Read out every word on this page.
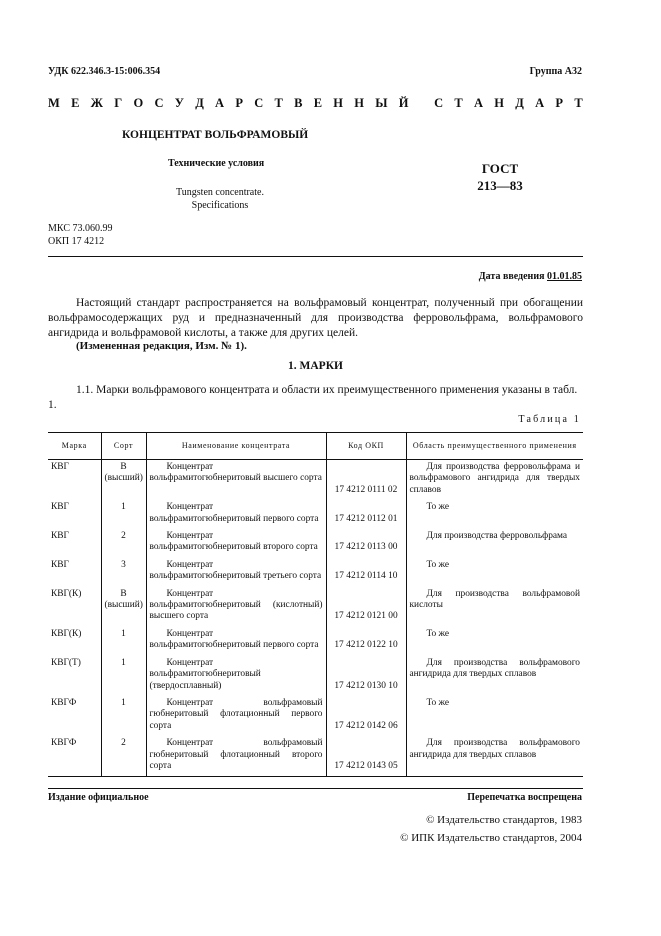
УДК 622.346.3-15:006.354	Группа А32
М Е Ж Г О С У Д А Р С Т В Е Н Н Ы Й
С Т А Н Д А Р Т
КОНЦЕНТРАТ ВОЛЬФРАМОВЫЙ
Технические условия	ГОСТ
213—83
Tungsten concentrate.
Specifications
МКС 73.060.99
ОКП 17 4212
Дата введения 01.01.85
Настоящий стандарт распространяется на вольфрамовый концентрат, полученный при обогащении вольфрамосодержащих руд и предназначенный для производства ферровольфрама, вольфрамового ангидрида и вольфрамовой кислоты, а также для других целей.
(Измененная редакция, Изм. № 1).
1. МАРКИ
1.1. Марки вольфрамового концентрата и области их преимущественного применения указаны в табл. 1.
Таблица 1
Марка	Сорт	Наименование концентрата	Код ОКП	Область преимущественного применения
КВГ	В (высший)	Концентрат вольфрамитогюбнеритовый высшего сорта	17 4212 0111 02	Для производства ферровольфрама и вольфрамового ангидрида для твердых сплавов
КВГ	1	Концентрат вольфрамитогюбнеритовый первого сорта	17 4212 0112 01	То же
КВГ	2	Концентрат вольфрамитогюбнеритовый второго сорта	17 4212 0113 00	Для производства ферровольфрама
КВГ	3	Концентрат вольфрамитогюбнеритовый третьего сорта	17 4212 0114 10	То же
КВГ(К)	В (высший)	Концентрат вольфрамитогюбнеритовый (кислотный) высшего сорта	17 4212 0121 00	Для производства вольфрамовой кислоты
КВГ(К)	1	Концентрат вольфрамитогюбнеритовый первого сорта	17 4212 0122 10	То же
КВГ(Т)	1	Концентрат вольфрамитогюбнеритовый (твердосплавный)	17 4212 0130 10	Для производства вольфрамового ангидрида для твердых сплавов
КВГФ	1	Концентрат вольфрамовый гюбнеритовый флотационный первого сорта	17 4212 0142 06	То же
КВГФ	2	Концентрат вольфрамовый гюбнеритовый флотационный второго сорта	17 4212 0143 05	Для производства вольфрамового ангидрида для твердых сплавов
Издание официальное	Перепечатка воспрещена
© Издательство стандартов, 1983
© ИПК Издательство стандартов, 2004
